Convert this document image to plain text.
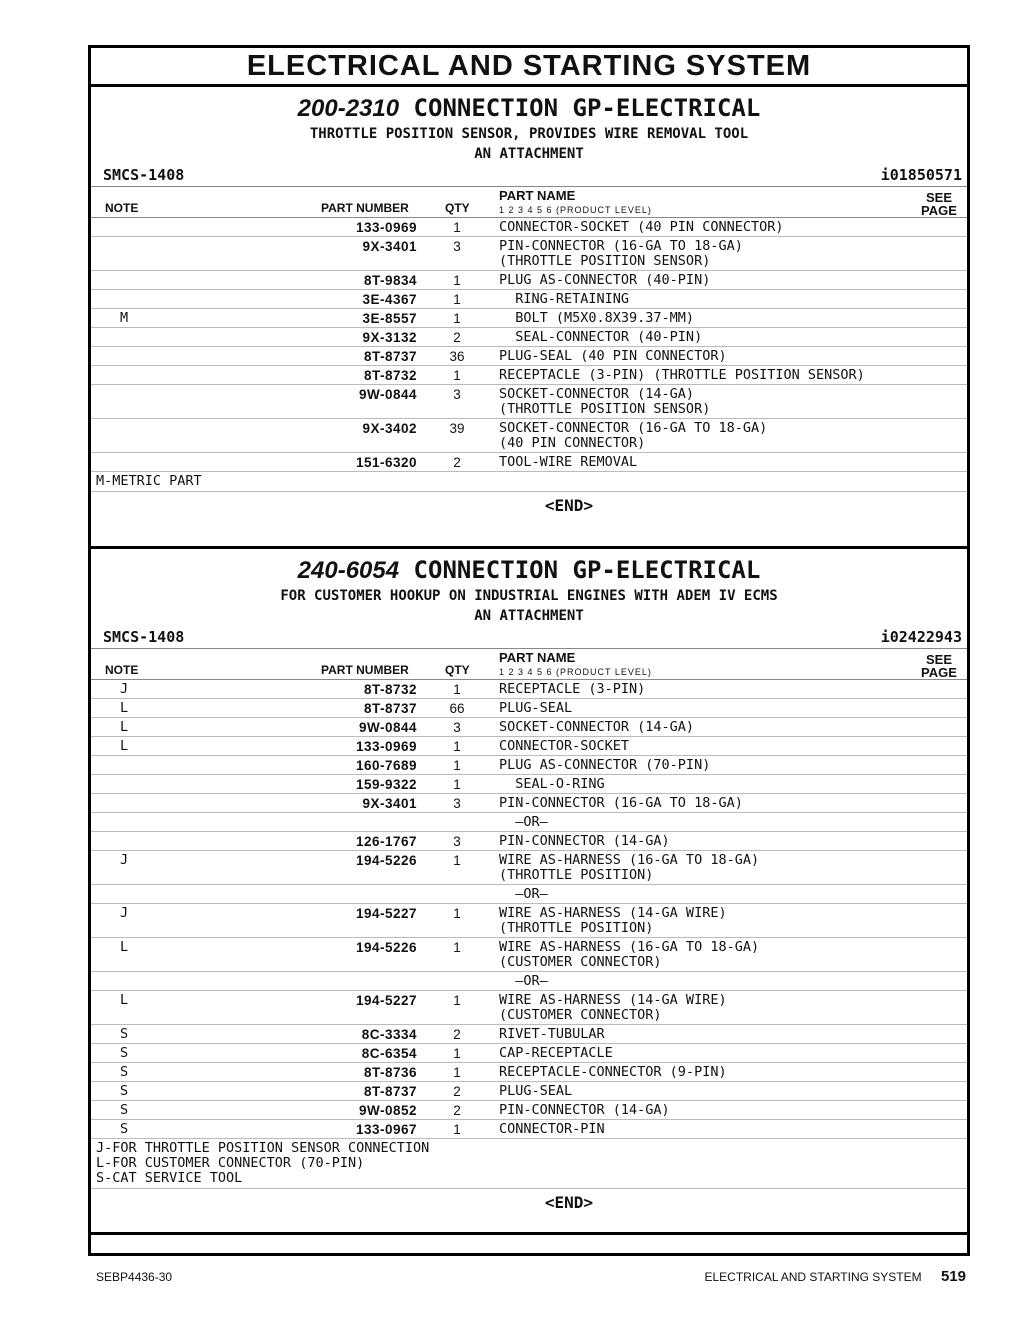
ELECTRICAL AND STARTING SYSTEM
200-2310 CONNECTION GP-ELECTRICAL
THROTTLE POSITION SENSOR, PROVIDES WIRE REMOVAL TOOL
AN ATTACHMENT
SMCS-1408	i01850571
NOTE	PART NUMBER	QTY
PART NAME
1 2 3 4 5 6 (PRODUCT LEVEL)
SEE
PAGE
133-0969	1	CONNECTOR-SOCKET (40 PIN CONNECTOR)
9X-3401	3	PIN-CONNECTOR (16-GA TO 18-GA)
(THROTTLE POSITION SENSOR)
8T-9834	1	PLUG AS-CONNECTOR (40-PIN)
3E-4367	1	RING-RETAINING
M	3E-8557	1	BOLT (M5X0.8X39.37-MM)
9X-3132	2	SEAL-CONNECTOR (40-PIN)
8T-8737	36	PLUG-SEAL (40 PIN CONNECTOR)
8T-8732	1	RECEPTACLE (3-PIN) (THROTTLE POSITION SENSOR)
9W-0844	3	SOCKET-CONNECTOR (14-GA)
(THROTTLE POSITION SENSOR)
9X-3402	39	SOCKET-CONNECTOR (16-GA TO 18-GA)
(40 PIN CONNECTOR)
151-6320	2	TOOL-WIRE REMOVAL
M-METRIC PART
<END>
240-6054 CONNECTION GP-ELECTRICAL
FOR CUSTOMER HOOKUP ON INDUSTRIAL ENGINES WITH ADEM IV ECMS
AN ATTACHMENT
SMCS-1408	i02422943
NOTE	PART NUMBER	QTY
PART NAME
1 2 3 4 5 6 (PRODUCT LEVEL)
SEE
PAGE
J	8T-8732	1	RECEPTACLE (3-PIN)
L	8T-8737	66	PLUG-SEAL
L	9W-0844	3	SOCKET-CONNECTOR (14-GA)
L	133-0969	1	CONNECTOR-SOCKET
160-7689	1	PLUG AS-CONNECTOR (70-PIN)
159-9322	1	SEAL-O-RING
9X-3401	3	PIN-CONNECTOR (16-GA TO 18-GA)
—OR—
126-1767	3	PIN-CONNECTOR (14-GA)
J	194-5226	1	WIRE AS-HARNESS (16-GA TO 18-GA)
(THROTTLE POSITION)
—OR—
J	194-5227	1	WIRE AS-HARNESS (14-GA WIRE)
(THROTTLE POSITION)
L	194-5226	1	WIRE AS-HARNESS (16-GA TO 18-GA)
(CUSTOMER CONNECTOR)
—OR—
L	194-5227	1	WIRE AS-HARNESS (14-GA WIRE)
(CUSTOMER CONNECTOR)
S	8C-3334	2	RIVET-TUBULAR
S	8C-6354	1	CAP-RECEPTACLE
S	8T-8736	1	RECEPTACLE-CONNECTOR (9-PIN)
S	8T-8737	2	PLUG-SEAL
S	9W-0852	2	PIN-CONNECTOR (14-GA)
S	133-0967	1	CONNECTOR-PIN
J-FOR THROTTLE POSITION SENSOR CONNECTION
L-FOR CUSTOMER CONNECTOR (70-PIN)
S-CAT SERVICE TOOL
<END>
SEBP4436-30	ELECTRICAL AND STARTING SYSTEM 519
